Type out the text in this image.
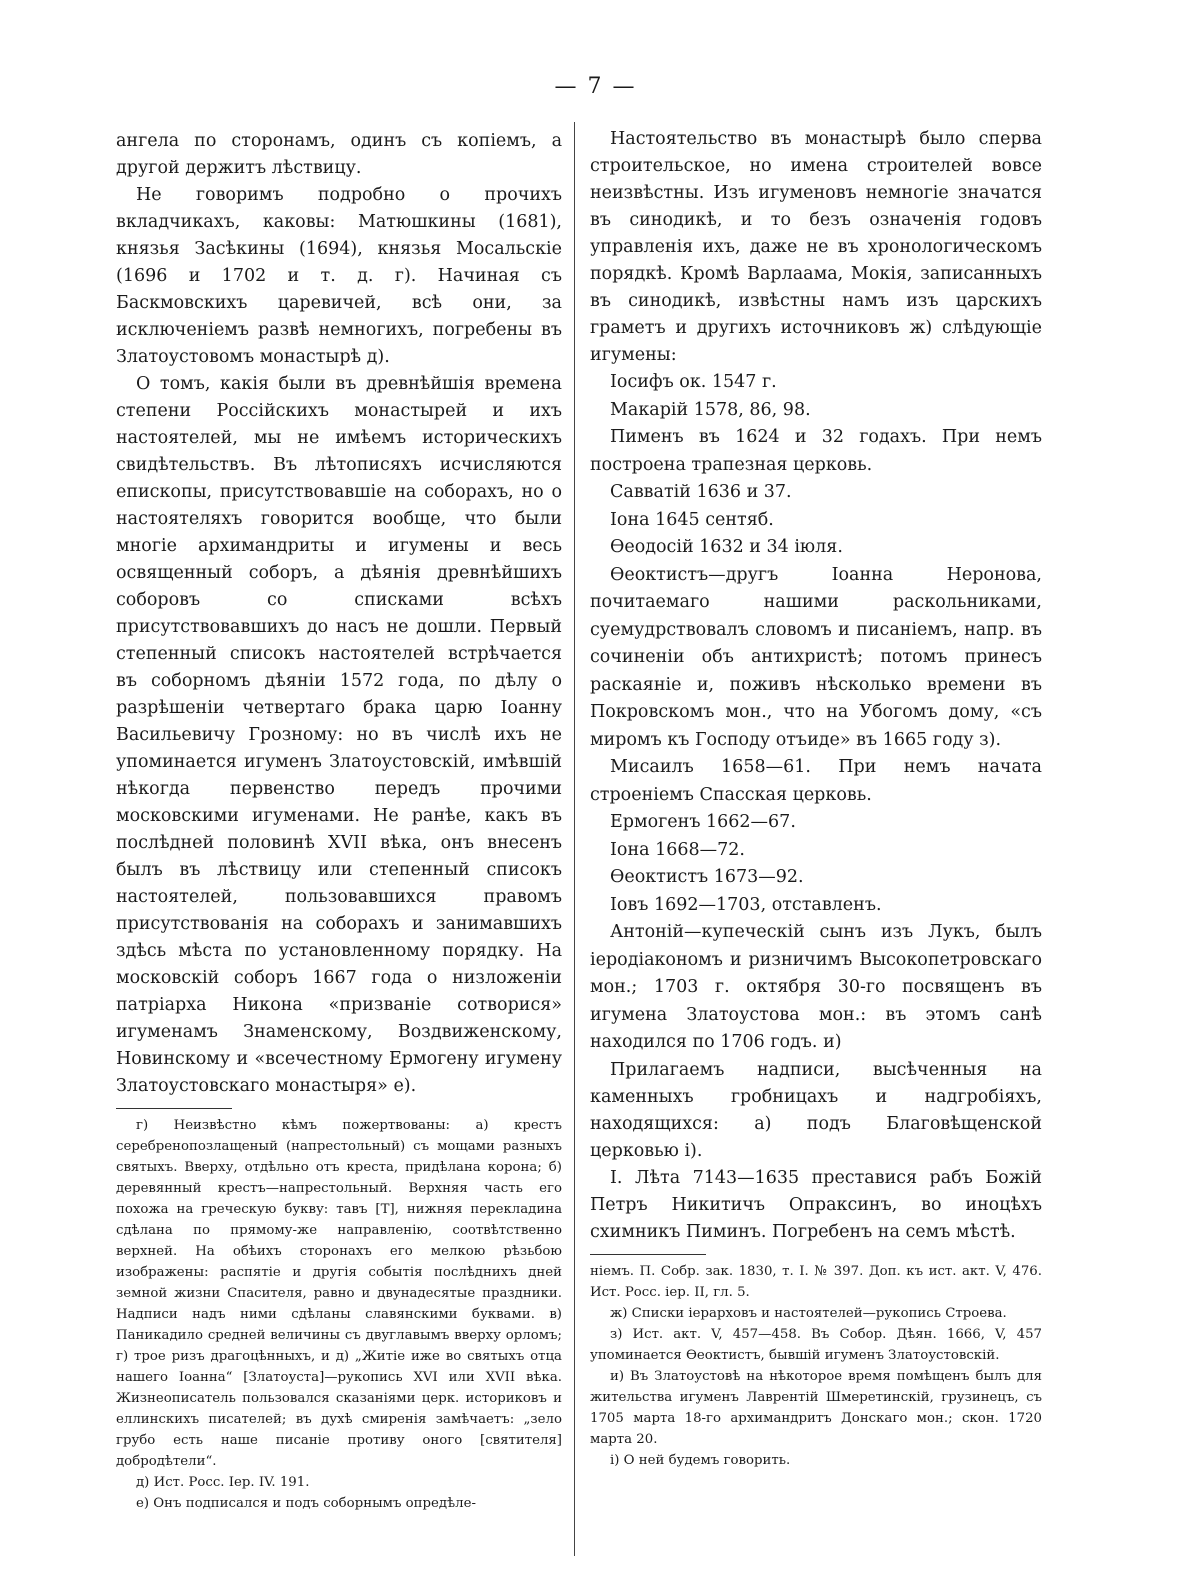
— 7 —

ангела по сторонамъ, одинъ съ копіемъ, а другой держитъ лѣствицу.

Не говоримъ подробно о прочихъ вкладчикахъ, каковы: Матюшкины (1681), князья Засѣкины (1694), князья Мосальскіе (1696 и 1702 и т. д. г). Начиная съ Баскмовскихъ царевичей, всѣ они, за исключеніемъ развѣ немногихъ, погребены въ Златоустовомъ монастырѣ д).

О томъ, какія были въ древнѣйшія времена степени Россійскихъ монастырей и ихъ настоятелей, мы не имѣемъ историческихъ свидѣтельствъ. Въ лѣтописяхъ исчисляются епископы, присутствовавшіе на соборахъ, но о настоятеляхъ говорится вообще, что были многіе архимандриты и игумены и весь освященный соборъ, а дѣянія древнѣйшихъ соборовъ со списками всѣхъ присутствовавшихъ до насъ не дошли. Первый степенный списокъ настоятелей встрѣчается въ соборномъ дѣяніи 1572 года, по дѣлу о разрѣшеніи четвертаго брака царю Іоанну Васильевичу Грозному: но въ числѣ ихъ не упоминается игуменъ Златоустовскій, имѣвшій нѣкогда первенство передъ прочими московскими игуменами. Не ранѣе, какъ въ послѣдней половинѣ XVII вѣка, онъ внесенъ былъ въ лѣствицу или степенный списокъ настоятелей, пользовавшихся правомъ присутствованія на соборахъ и занимавшихъ здѣсь мѣста по установленному порядку. На московскій соборъ 1667 года о низложеніи патріарха Никона «призваніе сотворися» игуменамъ Знаменскому, Воздвиженскому, Новинскому и «всечестному Ермогену игумену Златоустовскаго монастыря» е).

г) Неизвѣстно кѣмъ пожертвованы: а) крестъ серебренопозлащеный (напрестольный) съ мощами разныхъ святыхъ. Вверху, отдѣльно отъ креста, придѣлана корона; б) деревянный крестъ—напрестольный. Верхняя часть его похожа на греческую букву: тавъ [Т], нижняя перекладина сдѣлана по прямому-же направленію, соотвѣтственно верхней. На обѣихъ сторонахъ его мелкою рѣзьбою изображены: распятіе и другія событія послѣднихъ дней земной жизни Спасителя, равно и двунадесятые праздники. Надписи надъ ними сдѣланы славянскими буквами. в) Паникадило средней величины съ двуглавымъ вверху орломъ; г) трое ризъ драгоцѣнныхъ, и д) „Житіе иже во святыхъ отца нашего Іоанна“ [Златоуста]—рукопись XVI или XVII вѣка. Жизнеописатель пользовался сказаніями церк. историковъ и еллинскихъ писателей; въ духѣ смиренія замѣчаетъ: „зело грубо есть наше писаніе противу оного [святителя] добродѣтели“.

д) Ист. Росс. Іер. IV. 191.

е) Онъ подписался и подъ соборнымъ опредѣле-

Настоятельство въ монастырѣ было сперва строительское, но имена строителей вовсе неизвѣстны. Изъ игуменовъ немногіе значатся въ синодикѣ, и то безъ означенія годовъ управленія ихъ, даже не въ хронологическомъ порядкѣ. Кромѣ Варлаама, Мокія, записанныхъ въ синодикѣ, извѣстны намъ изъ царскихъ граметъ и другихъ источниковъ ж) слѣдующіе игумены:

Іосифъ ок. 1547 г.

Макарій 1578, 86, 98.

Пименъ въ 1624 и 32 годахъ. При немъ построена трапезная церковь.

Савватій 1636 и 37.

Іона 1645 сентяб.

Ѳеодосій 1632 и 34 іюля.

Ѳеоктистъ—другъ Іоанна Неронова, почитаемаго нашими раскольниками, суемудрствовалъ словомъ и писаніемъ, напр. въ сочиненіи объ антихристѣ; потомъ принесъ раскаяніе и, поживъ нѣсколько времени въ Покровскомъ мон., что на Убогомъ дому, «съ миромъ къ Господу отъиде» въ 1665 году з).

Мисаилъ 1658—61. При немъ начата строеніемъ Спасская церковь.

Ермогенъ 1662—67.

Іона 1668—72.

Ѳеоктистъ 1673—92.

Іовъ 1692—1703, отставленъ.

Антоній—купеческій сынъ изъ Лукъ, былъ іеродіакономъ и ризничимъ Высокопетровскаго мон.; 1703 г. октября 30-го посвященъ въ игумена Златоустова мон.: въ этомъ санѣ находился по 1706 годъ. и)

Прилагаемъ надписи, высѣченныя на каменныхъ гробницахъ и надгробіяхъ, находящихся: а) подъ Благовѣщенской церковью і).

I. Лѣта 7143—1635 преставися рабъ Божій Петръ Никитичъ Опраксинъ, во иноцѣхъ схимникъ Пиминъ. Погребенъ на семъ мѣстѣ.

ніемъ. П. Собр. зак. 1830, т. I. № 397. Доп. къ ист. акт. V, 476. Ист. Росс. іер. II, гл. 5.

ж) Списки іерарховъ и настоятелей—рукопись Строева.

з) Ист. акт. V, 457—458. Въ Собор. Дѣян. 1666, V, 457 упоминается Ѳеоктистъ, бывшій игуменъ Златоустовскій.

и) Въ Златоустовѣ на нѣкоторое время помѣщенъ былъ для жительства игуменъ Лаврентій Шмеретинскій, грузинецъ, съ 1705 марта 18-го архимандритъ Донскаго мон.; скон. 1720 марта 20.

і) О ней будемъ говорить.
